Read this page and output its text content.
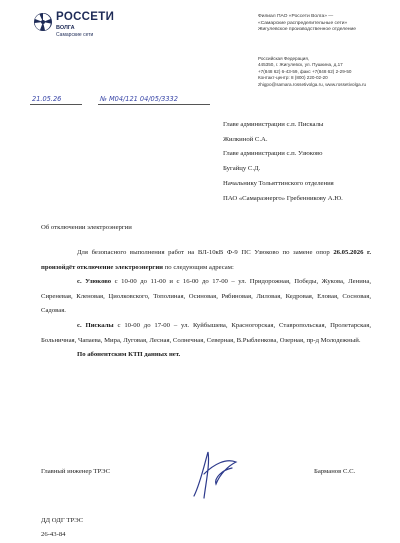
РОССЕТИ
ВОЛГА
Самарские сети
Филиал ПАО «Россети Волга» —
«Самарские распределительные сети»
Жигулевское производственное отделение
Российская Федерация,
445350, г. Жигулевск, ул. Пушкина, д.17
+7(848 62) 6-43-59, факс +7(848 62) 2-29-50
Контакт-центр: 8 (800) 220-02-20
zhigpo@samara.rossetivolga.ru, www.rossetivolga.ru
21.05.26	№ М04/121 04/05/3332
Главе администрации с.п. Пискалы
Жилкиной С.А.
Главе администрации с.п. Узюково
Бугайцу С.Д.
Начальнику Тольяттинского отделения
ПАО «Самараэнерго» Гребенникову А.Ю.
Об отключении электроэнергии

Для безопасного выполнения работ на ВЛ-10кВ Ф-9 ПС Узюково по замене опор 26.05.2026 г. произойдёт отключение электроэнергии по следующим адресам:

с. Узюково с 10-00 до 11-00 и с 16-00 до 17-00 – ул. Придорожная, Победы, Жукова, Ленина, Сиреневая, Кленовая, Циолковского, Тополиная, Осиновая, Рябиновая, Лиловая, Кедровая, Еловая, Сосновая, Садовая.

с. Пискалы с 10-00 до 17-00 – ул. Куйбышева, Красногорская, Ставропольская, Пролетарская, Больничная, Чапаева, Мира, Луговая, Лесная, Солнечная, Северная, В.Рыбленкова, Озерная, пр-д Молодежный.

По абонентским КТП данных нет.

Главный инженер ТРЭС	Барманов С.С.
ДД ОДГ ТРЭС
26-43-84
